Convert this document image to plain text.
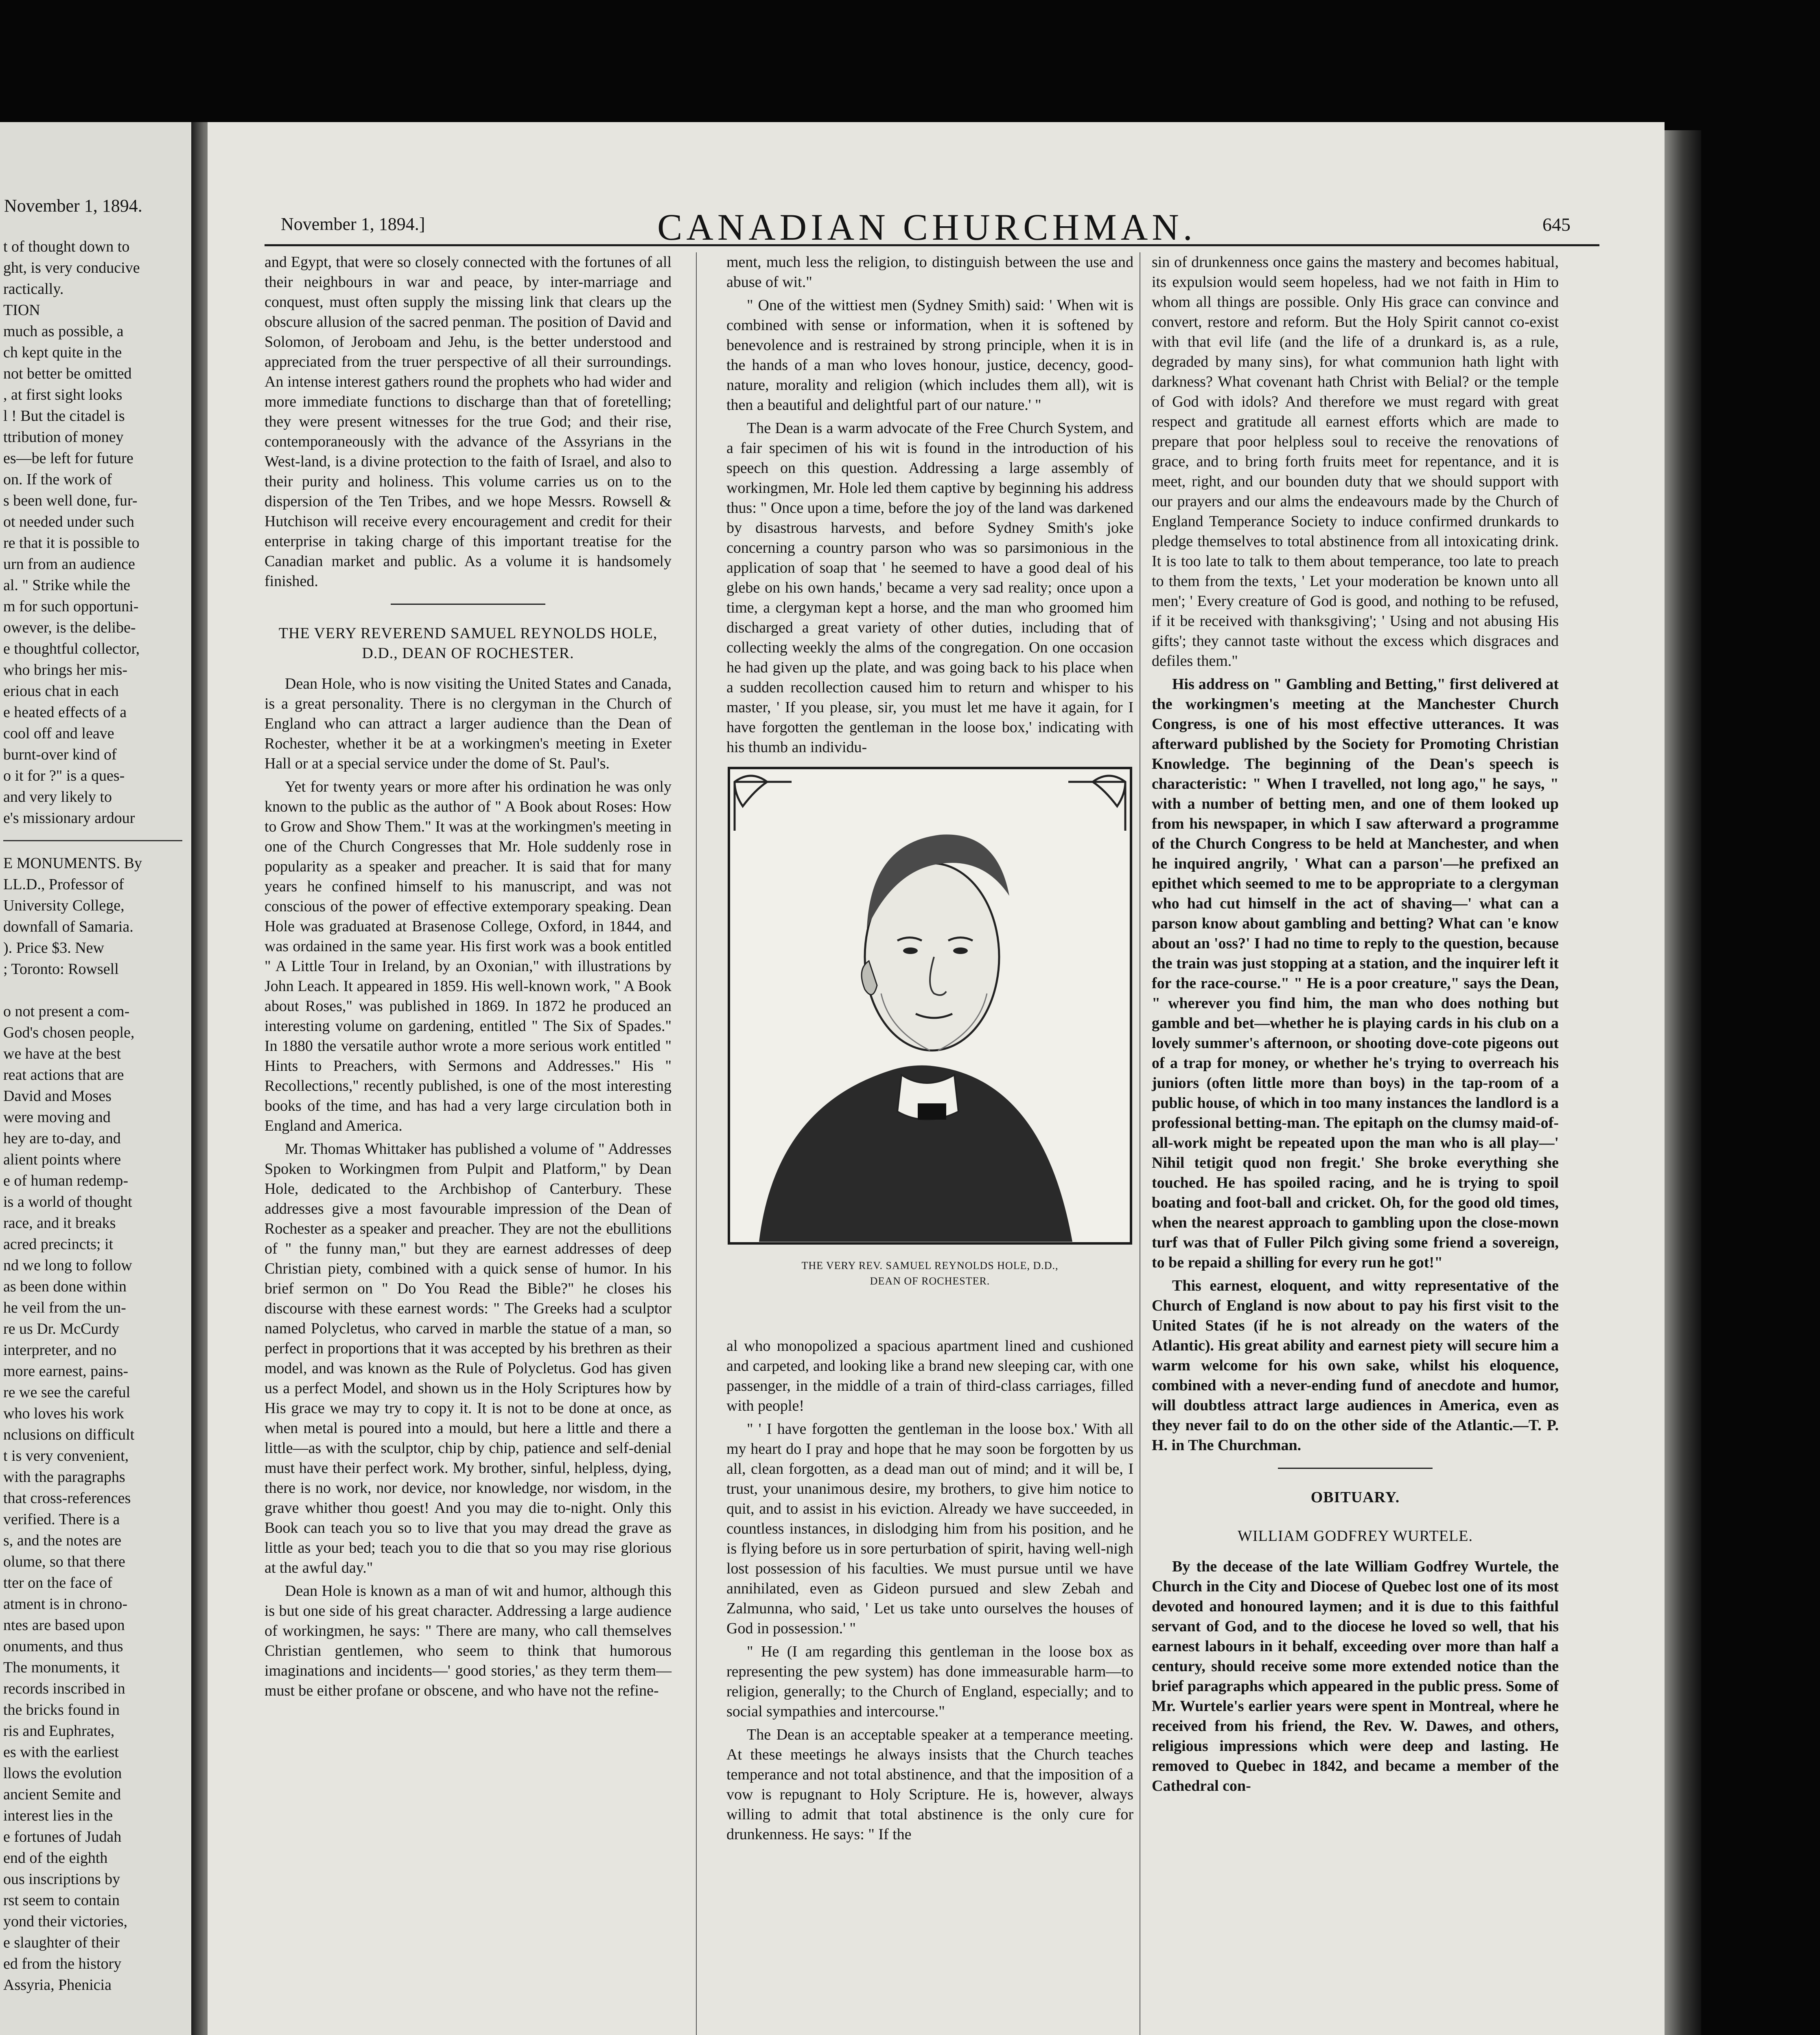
November 1, 1894.
t of thought down to
ght, is very conducive
ractically.
TION
much as possible, a
ch kept quite in the
not better be omitted
, at first sight looks
l ! But the citadel is
ttribution of money
es—be left for future
on. If the work of
s been well done, fur-
ot needed under such
re that it is possible to
urn from an audience
al. " Strike while the
m for such opportuni-
owever, is the delibe-
e thoughtful collector,
who brings her mis-
erious chat in each
e heated effects of a
cool off and leave
burnt-over kind of
o it for ?" is a ques-
and very likely to
e's missionary ardour
E MONUMENTS. By
LL.D., Professor of
University College,
downfall of Samaria.
). Price $3. New
; Toronto: Rowsell

o not present a com-
God's chosen people,
we have at the best
reat actions that are
David and Moses
were moving and
hey are to-day, and
alient points where
e of human redemp-
is a world of thought
race, and it breaks
acred precincts; it
nd we long to follow
as been done within
he veil from the un-
re us Dr. McCurdy
interpreter, and no
more earnest, pains-
re we see the careful
who loves his work
nclusions on difficult
t is very convenient,
with the paragraphs
that cross-references
verified. There is a
s, and the notes are
olume, so that there
tter on the face of
atment is in chrono-
ntes are based upon
onuments, and thus
The monuments, it
records inscribed in
the bricks found in
ris and Euphrates,
es with the earliest
llows the evolution
ancient Semite and
interest lies in the
e fortunes of Judah
end of the eighth
ous inscriptions by
rst seem to contain
yond their victories,
e slaughter of their
ed from the history
Assyria, Phenicia
November 1, 1894.]	CANADIAN CHURCHMAN.	645

and Egypt, that were so closely connected with the fortunes of all their neighbours in war and peace, by inter-marriage and conquest, must often supply the missing link that clears up the obscure allusion of the sacred penman. The position of David and Solomon, of Jeroboam and Jehu, is the better understood and appreciated from the truer perspective of all their surroundings. An intense interest gathers round the prophets who had wider and more immediate functions to discharge than that of foretelling; they were present witnesses for the true God; and their rise, contemporaneously with the advance of the Assyrians in the West-land, is a divine protection to the faith of Israel, and also to their purity and holiness. This volume carries us on to the dispersion of the Ten Tribes, and we hope Messrs. Rowsell & Hutchison will receive every encouragement and credit for their enterprise in taking charge of this important treatise for the Canadian market and public. As a volume it is handsomely finished.

THE VERY REVEREND SAMUEL REYNOLDS HOLE, D.D., DEAN OF ROCHESTER.

Dean Hole, who is now visiting the United States and Canada, is a great personality. There is no clergyman in the Church of England who can attract a larger audience than the Dean of Rochester, whether it be at a workingmen's meeting in Exeter Hall or at a special service under the dome of St. Paul's.

Yet for twenty years or more after his ordination he was only known to the public as the author of " A Book about Roses: How to Grow and Show Them." It was at the workingmen's meeting in one of the Church Congresses that Mr. Hole suddenly rose in popularity as a speaker and preacher. It is said that for many years he confined himself to his manuscript, and was not conscious of the power of effective extemporary speaking. Dean Hole was graduated at Brasenose College, Oxford, in 1844, and was ordained in the same year. His first work was a book entitled " A Little Tour in Ireland, by an Oxonian," with illustrations by John Leach. It appeared in 1859. His well-known work, " A Book about Roses," was published in 1869. In 1872 he produced an interesting volume on gardening, entitled " The Six of Spades." In 1880 the versatile author wrote a more serious work entitled " Hints to Preachers, with Sermons and Addresses." His " Recollections," recently published, is one of the most interesting books of the time, and has had a very large circulation both in England and America.

Mr. Thomas Whittaker has published a volume of " Addresses Spoken to Workingmen from Pulpit and Platform," by Dean Hole, dedicated to the Archbishop of Canterbury. These addresses give a most favourable impression of the Dean of Rochester as a speaker and preacher. They are not the ebullitions of " the funny man," but they are earnest addresses of deep Christian piety, combined with a quick sense of humor. In his brief sermon on " Do You Read the Bible?" he closes his discourse with these earnest words: " The Greeks had a sculptor named Polycletus, who carved in marble the statue of a man, so perfect in proportions that it was accepted by his brethren as their model, and was known as the Rule of Polycletus. God has given us a perfect Model, and shown us in the Holy Scriptures how by His grace we may try to copy it. It is not to be done at once, as when metal is poured into a mould, but here a little and there a little—as with the sculptor, chip by chip, patience and self-denial must have their perfect work. My brother, sinful, helpless, dying, there is no work, nor device, nor knowledge, nor wisdom, in the grave whither thou goest! And you may die to-night. Only this Book can teach you so to live that you may dread the grave as little as your bed; teach you to die that so you may rise glorious at the awful day."

Dean Hole is known as a man of wit and humor, although this is but one side of his great character. Addressing a large audience of workingmen, he says: " There are many, who call themselves Christian gentlemen, who seem to think that humorous imaginations and incidents—' good stories,' as they term them—must be either profane or obscene, and who have not the refine-

ment, much less the religion, to distinguish between the use and abuse of wit."

" One of the wittiest men (Sydney Smith) said: ' When wit is combined with sense or information, when it is softened by benevolence and is restrained by strong principle, when it is in the hands of a man who loves honour, justice, decency, good-nature, morality and religion (which includes them all), wit is then a beautiful and delightful part of our nature.' "

The Dean is a warm advocate of the Free Church System, and a fair specimen of his wit is found in the introduction of his speech on this question. Addressing a large assembly of workingmen, Mr. Hole led them captive by beginning his address thus: " Once upon a time, before the joy of the land was darkened by disastrous harvests, and before Sydney Smith's joke concerning a country parson who was so parsimonious in the application of soap that ' he seemed to have a good deal of his glebe on his own hands,' became a very sad reality; once upon a time, a clergyman kept a horse, and the man who groomed him discharged a great variety of other duties, including that of collecting weekly the alms of the congregation. On one occasion he had given up the plate, and was going back to his place when a sudden recollection caused him to return and whisper to his master, ' If you please, sir, you must let me have it again, for I have forgotten the gentleman in the loose box,' indicating with his thumb an individu-

THE VERY REV. SAMUEL REYNOLDS HOLE, D.D.,
DEAN OF ROCHESTER.

al who monopolized a spacious apartment lined and cushioned and carpeted, and looking like a brand new sleeping car, with one passenger, in the middle of a train of third-class carriages, filled with people!

" ' I have forgotten the gentleman in the loose box.' With all my heart do I pray and hope that he may soon be forgotten by us all, clean forgotten, as a dead man out of mind; and it will be, I trust, your unanimous desire, my brothers, to give him notice to quit, and to assist in his eviction. Already we have succeeded, in countless instances, in dislodging him from his position, and he is flying before us in sore perturbation of spirit, having well-nigh lost possession of his faculties. We must pursue until we have annihilated, even as Gideon pursued and slew Zebah and Zalmunna, who said, ' Let us take unto ourselves the houses of God in possession.' "

" He (I am regarding this gentleman in the loose box as representing the pew system) has done immeasurable harm—to religion, generally; to the Church of England, especially; and to social sympathies and intercourse."

The Dean is an acceptable speaker at a temperance meeting. At these meetings he always insists that the Church teaches temperance and not total abstinence, and that the imposition of a vow is repugnant to Holy Scripture. He is, however, always willing to admit that total abstinence is the only cure for drunkenness. He says: " If the

sin of drunkenness once gains the mastery and becomes habitual, its expulsion would seem hopeless, had we not faith in Him to whom all things are possible. Only His grace can convince and convert, restore and reform. But the Holy Spirit cannot co-exist with that evil life (and the life of a drunkard is, as a rule, degraded by many sins), for what communion hath light with darkness? What covenant hath Christ with Belial? or the temple of God with idols? And therefore we must regard with great respect and gratitude all earnest efforts which are made to prepare that poor helpless soul to receive the renovations of grace, and to bring forth fruits meet for repentance, and it is meet, right, and our bounden duty that we should support with our prayers and our alms the endeavours made by the Church of England Temperance Society to induce confirmed drunkards to pledge themselves to total abstinence from all intoxicating drink. It is too late to talk to them about temperance, too late to preach to them from the texts, ' Let your moderation be known unto all men'; ' Every creature of God is good, and nothing to be refused, if it be received with thanksgiving'; ' Using and not abusing His gifts'; they cannot taste without the excess which disgraces and defiles them."

His address on " Gambling and Betting," first delivered at the workingmen's meeting at the Manchester Church Congress, is one of his most effective utterances. It was afterward published by the Society for Promoting Christian Knowledge. The beginning of the Dean's speech is characteristic: " When I travelled, not long ago," he says, " with a number of betting men, and one of them looked up from his newspaper, in which I saw afterward a programme of the Church Congress to be held at Manchester, and when he inquired angrily, ' What can a parson'—he prefixed an epithet which seemed to me to be appropriate to a clergyman who had cut himself in the act of shaving—' what can a parson know about gambling and betting? What can 'e know about an 'oss?' I had no time to reply to the question, because the train was just stopping at a station, and the inquirer left it for the race-course." " He is a poor creature," says the Dean, " wherever you find him, the man who does nothing but gamble and bet—whether he is playing cards in his club on a lovely summer's afternoon, or shooting dove-cote pigeons out of a trap for money, or whether he's trying to overreach his juniors (often little more than boys) in the tap-room of a public house, of which in too many instances the landlord is a professional betting-man. The epitaph on the clumsy maid-of-all-work might be repeated upon the man who is all play—' Nihil tetigit quod non fregit.' She broke everything she touched. He has spoiled racing, and he is trying to spoil boating and foot-ball and cricket. Oh, for the good old times, when the nearest approach to gambling upon the close-mown turf was that of Fuller Pilch giving some friend a sovereign, to be repaid a shilling for every run he got!"

This earnest, eloquent, and witty representative of the Church of England is now about to pay his first visit to the United States (if he is not already on the waters of the Atlantic). His great ability and earnest piety will secure him a warm welcome for his own sake, whilst his eloquence, combined with a never-ending fund of anecdote and humor, will doubtless attract large audiences in America, even as they never fail to do on the other side of the Atlantic.—T. P. H. in The Churchman.

OBITUARY.

WILLIAM GODFREY WURTELE.

By the decease of the late William Godfrey Wurtele, the Church in the City and Diocese of Quebec lost one of its most devoted and honoured laymen; and it is due to this faithful servant of God, and to the diocese he loved so well, that his earnest labours in it behalf, exceeding over more than half a century, should receive some more extended notice than the brief paragraphs which appeared in the public press. Some of Mr. Wurtele's earlier years were spent in Montreal, where he received from his friend, the Rev. W. Dawes, and others, religious impressions which were deep and lasting. He removed to Quebec in 1842, and became a member of the Cathedral con-
